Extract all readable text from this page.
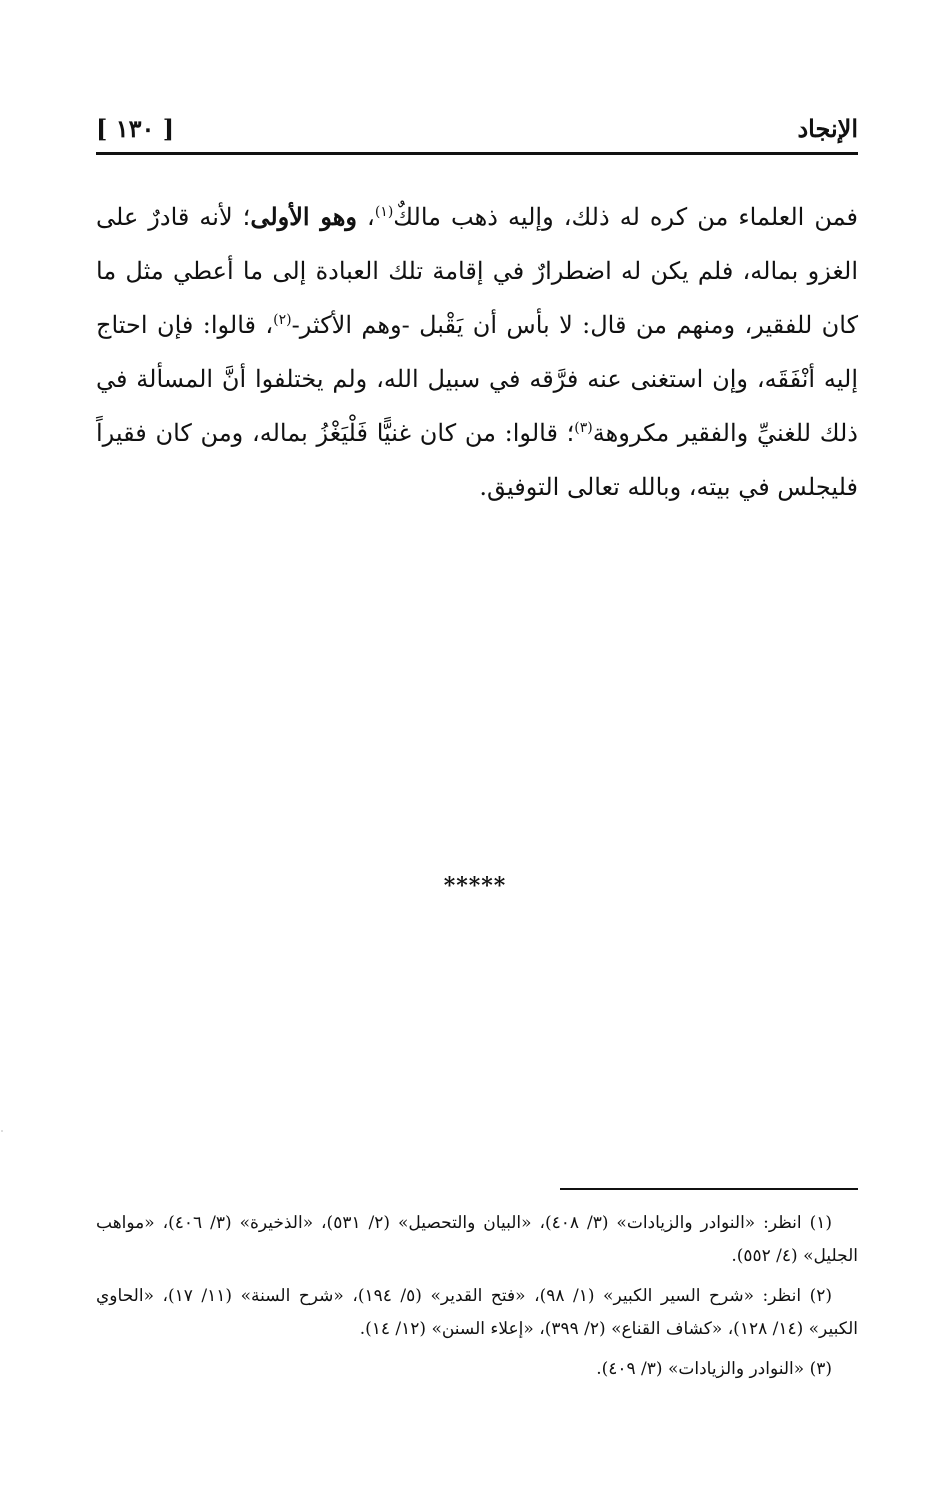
الإنجاد
[ ١٣٠ ]

فمن العلماء من كره له ذلك، وإليه ذهب مالكٌ$^{(١)}$، وهو الأولى؛ لأنه قادرٌ على الغزو بماله، فلم يكن له اضطرارٌ في إقامة تلك العبادة إلى ما أعطي مثل ما كان للفقير، ومنهم من قال: لا بأس أن يَقْبل -وهم الأكثر-$^{(٢)}$، قالوا: فإن احتاج إليه أنْفَقَه، وإن استغنى عنه فرَّقه في سبيل الله، ولم يختلفوا أنَّ المسألة في ذلك للغنيِّ والفقير مكروهة$^{(٣)}$؛ قالوا: من كان غنيًّا فَلْيَغْزُ بماله، ومن كان فقيراً فليجلس في بيته، وبالله تعالى التوفيق.

*****

(١) انظر: «النوادر والزيادات» (٣/ ٤٠٨)، «البيان والتحصيل» (٢/ ٥٣١)، «الذخيرة» (٣/ ٤٠٦)، «مواهب الجليل» (٤/ ٥٥٢).

(٢) انظر: «شرح السير الكبير» (١/ ٩٨)، «فتح القدير» (٥/ ١٩٤)، «شرح السنة» (١١/ ١٧)، «الحاوي الكبير» (١٤/ ١٢٨)، «كشاف القناع» (٢/ ٣٩٩)، «إعلاء السنن» (١٢/ ١٤).

(٣) «النوادر والزيادات» (٣/ ٤٠٩).
